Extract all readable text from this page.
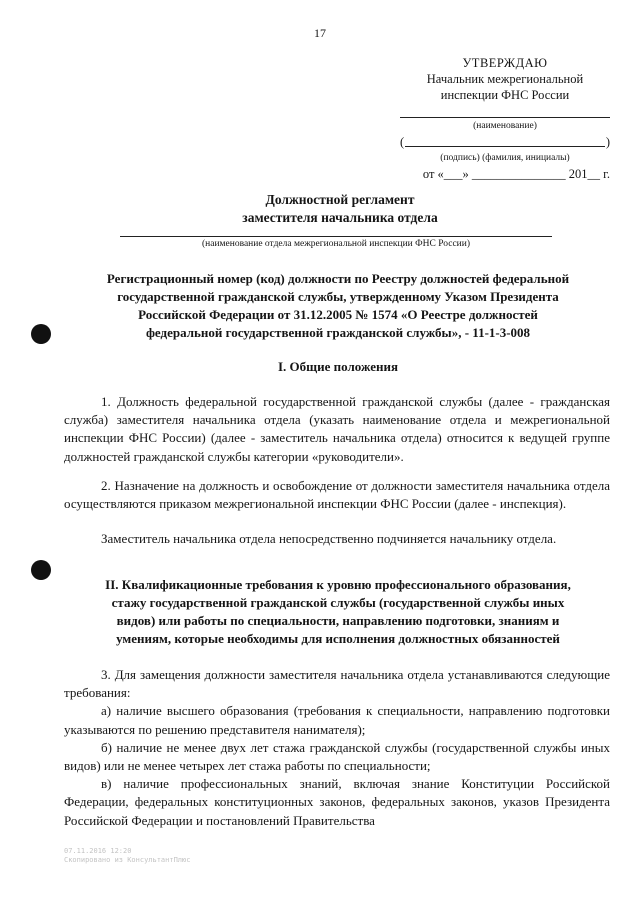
17
УТВЕРЖДАЮ
Начальник межрегиональной
инспекции ФНС России
(наименование)
(	)
(подпись) (фамилия, инициалы)
от «___» _______________ 201__ г.
Должностной регламент
заместителя начальника отдела
(наименование отдела межрегиональной инспекции ФНС России)
Регистрационный номер (код) должности по Реестру должностей федеральной
государственной гражданской службы, утвержденному Указом Президента
Российской Федерации от 31.12.2005 № 1574 «О Реестре должностей
федеральной государственной гражданской службы», - 11-1-3-008
I. Общие положения

1. Должность федеральной государственной гражданской службы (далее - гражданская служба) заместителя начальника отдела (указать наименование отдела и межрегиональной инспекции ФНС России) (далее - заместитель начальника отдела) относится к ведущей группе должностей гражданской службы категории «руководители».

2. Назначение на должность и освобождение от должности заместителя начальника отдела осуществляются приказом межрегиональной инспекции ФНС России (далее - инспекция).

Заместитель начальника отдела непосредственно подчиняется начальнику отдела.

II. Квалификационные требования к уровню профессионального образования,
стажу государственной гражданской службы (государственной службы иных
видов) или работы по специальности, направлению подготовки, знаниям и
умениям, которые необходимы для исполнения должностных обязанностей

3. Для замещения должности заместителя начальника отдела устанавливаются следующие требования:

а) наличие высшего образования (требования к специальности, направлению подготовки указываются по решению представителя нанимателя);

б) наличие не менее двух лет стажа гражданской службы (государственной службы иных видов) или не менее четырех лет стажа работы по специальности;

в) наличие профессиональных знаний, включая знание Конституции Российской Федерации, федеральных конституционных законов, федеральных законов, указов Президента Российской Федерации и постановлений Правительства

07.11.2016 12:20
Скопировано из КонсультантПлюс
